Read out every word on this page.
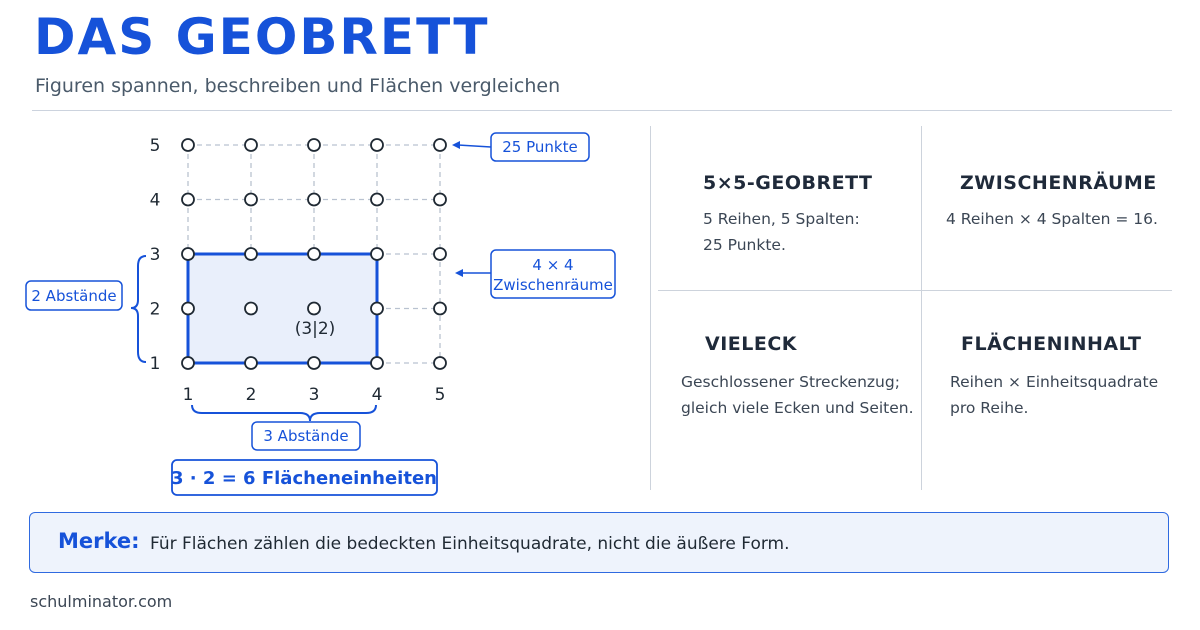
DAS GEOBRETT
Figuren spannen, beschreiben und Flächen vergleichen
1	2	3	4	5
5
4
3
2
1
(3|2)
25 Punkte
4 × 4
Zwischenräume
2 Abstände
3 Abstände
3 · 2 = 6 Flächeneinheiten
5×5-GEOBRETT
5 Reihen, 5 Spalten:
25 Punkte.
ZWISCHENRÄUME
4 Reihen × 4 Spalten = 16.
VIELECK
Geschlossener Streckenzug;
gleich viele Ecken und Seiten.
FLÄCHENINHALT
Reihen × Einheitsquadrate
pro Reihe.
Merke: Für Flächen zählen die bedeckten Einheitsquadrate, nicht die äußere Form.
schulminator.com
